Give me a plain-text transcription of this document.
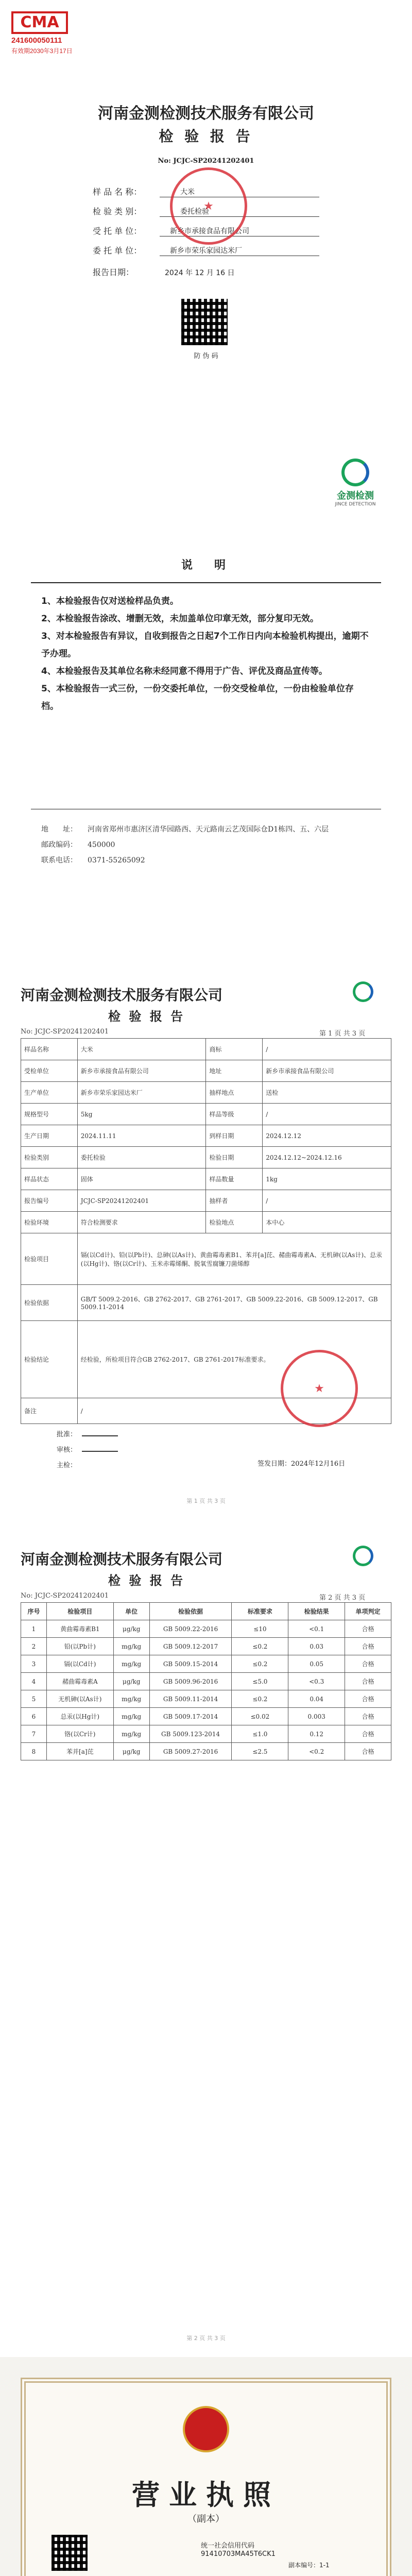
CMA
241600050111
有效期2030年3月17日
河南金测检测技术服务有限公司
检 验 报 告
No: JCJC-SP20241202401
样 品 名 称：	大米
检 验 类 别：	委托检验
受 托 单 位：	新乡市承接食品有限公司
委 托 单 位：	新乡市荣乐家园达米厂
报告日期：	2024 年 12 月 16 日
★
防 伪 码
金测检测
JINCE DETECTION
说　明
1、本检验报告仅对送检样品负责。
2、本检验报告涂改、增删无效，未加盖单位印章无效，部分复印无效。
3、对本检验报告有异议，自收到报告之日起7个工作日内向本检验机构提出，逾期不予办理。
4、本检验报告及其单位名称未经同意不得用于广告、评优及商品宣传等。
5、本检验报告一式三份，一份交委托单位，一份交受检单位，一份由检验单位存档。
地　　址：	河南省郑州市惠济区清华园路西、天元路南云艺茂国际仓D1栋四、五、六层
邮政编码：	450000
联系电话：	0371-55265092
河南金测检测技术服务有限公司
检 验 报 告
No: JCJC-SP20241202401	第 1 页 共 3 页
样品名称	大米	商标	/
受检单位	新乡市承接食品有限公司	地址	新乡市承接食品有限公司
生产单位	新乡市荣乐家园达米厂	抽样地点	送检
规格型号	5kg	样品等级	/
生产日期	2024.11.11	到样日期	2024.12.12
检验类别	委托检验	检验日期	2024.12.12~2024.12.16
样品状态	固体	样品数量	1kg
报告编号	JCJC-SP20241202401	抽样者	/
检验环境	符合检测要求	检验地点	本中心
检验项目	镉(以Cd计)、铅(以Pb计)、总砷(以As计)、黄曲霉毒素B1、苯并[a]芘、赭曲霉毒素A、无机砷(以As计)、总汞(以Hg计)、铬(以Cr计)、玉米赤霉烯酮、脱氧雪腐镰刀菌烯醇		
检验依据	GB/T 5009.2-2016、GB 2762-2017、GB 2761-2017、GB 5009.22-2016、GB 5009.12-2017、GB 5009.11-2014		
检验结论	经检验，所检项目符合GB 2762-2017、GB 2761-2017标准要求。		
备注	/		
★
批准：
审核：
主检：	签发日期：2024年12月16日
第 1 页 共 3 页
河南金测检测技术服务有限公司
检 验 报 告
No: JCJC-SP20241202401	第 2 页 共 3 页
序号	检验项目	单位	检验依据	标准要求	检验结果	单项判定
1	黄曲霉毒素B1	μg/kg	GB 5009.22-2016	≤10	<0.1	合格
2	铅(以Pb计)	mg/kg	GB 5009.12-2017	≤0.2	0.03	合格
3	镉(以Cd计)	mg/kg	GB 5009.15-2014	≤0.2	0.05	合格
4	赭曲霉毒素A	μg/kg	GB 5009.96-2016	≤5.0	<0.3	合格
5	无机砷(以As计)	mg/kg	GB 5009.11-2014	≤0.2	0.04	合格
6	总汞(以Hg计)	mg/kg	GB 5009.17-2014	≤0.02	0.003	合格
7	铬(以Cr计)	mg/kg	GB 5009.123-2014	≤1.0	0.12	合格
8	苯并[a]芘	μg/kg	GB 5009.27-2016	≤2.5	<0.2	合格
第 2 页 共 3 页
营业执照
（副本）
统一社会信用代码
91410703MA45T6CK1
副本编号：1-1
